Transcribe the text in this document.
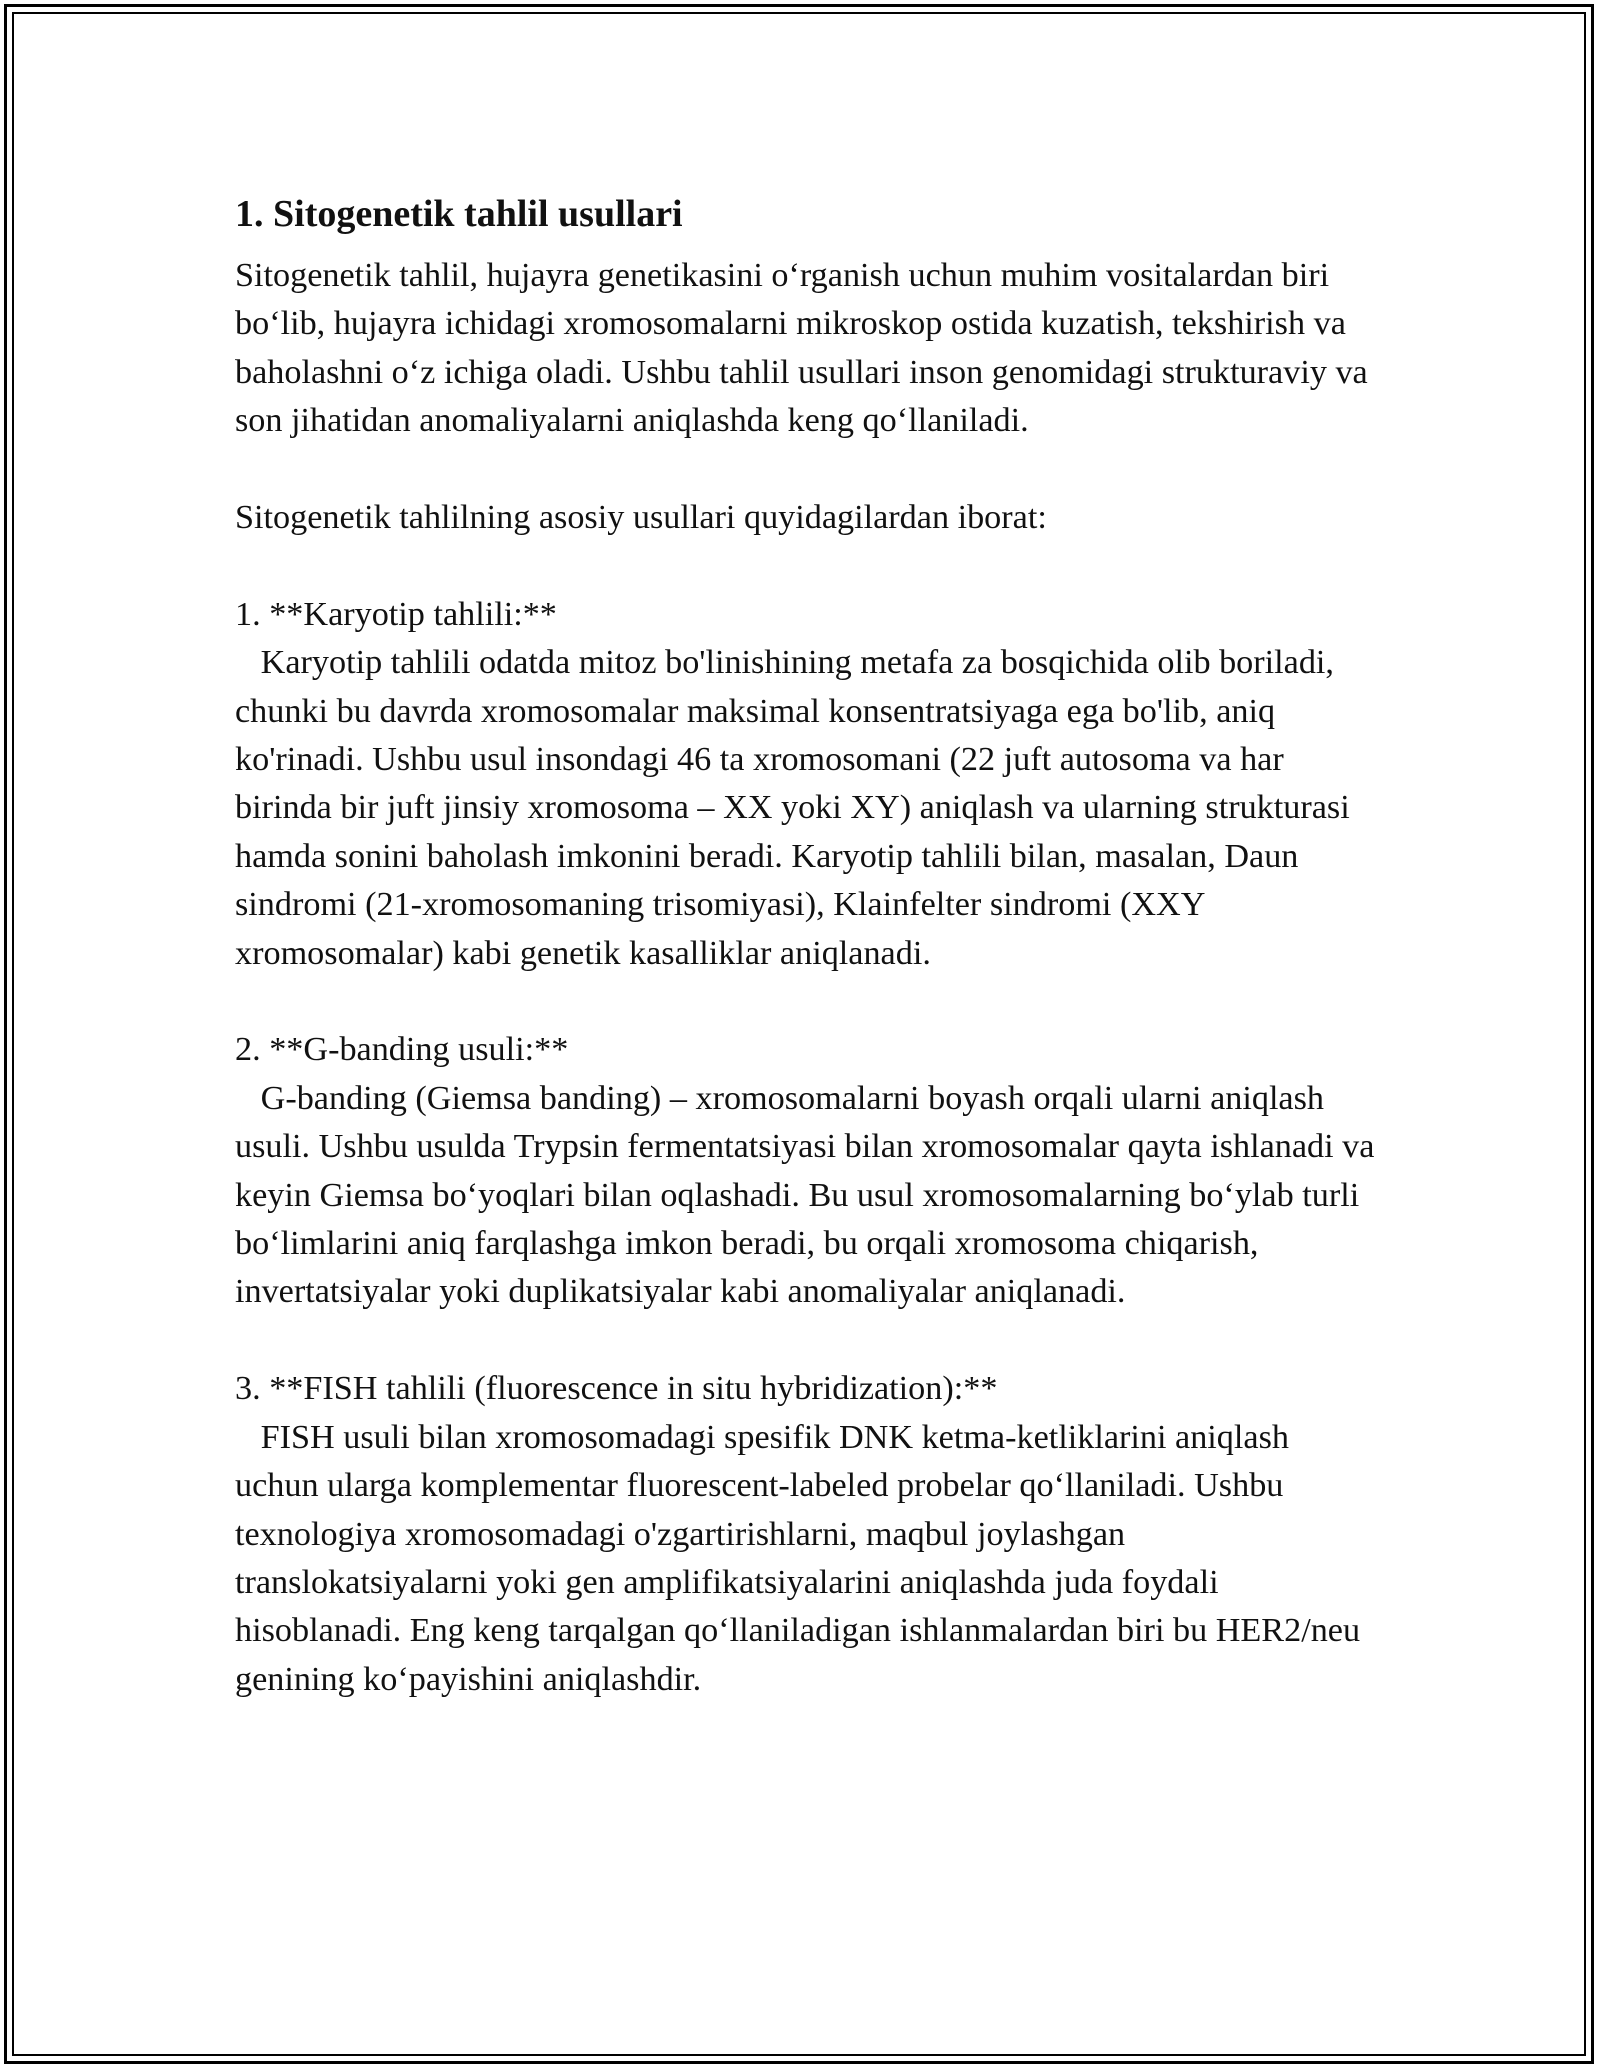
1. Sitogenetik tahlil usullari

Sitogenetik tahlil, hujayra genetikasini o‘rganish uchun muhim vositalardan biri bo‘lib, hujayra ichidagi xromosomalarni mikroskop ostida kuzatish, tekshirish va baholashni o‘z ichiga oladi. Ushbu tahlil usullari inson genomidagi strukturaviy va son jihatidan anomaliyalarni aniqlashda keng qo‘llaniladi.

Sitogenetik tahlilning asosiy usullari quyidagilardan iborat:

1. **Karyotip tahlili:**

Karyotip tahlili odatda mitoz bo'linishining metafa za bosqichida olib boriladi, chunki bu davrda xromosomalar maksimal konsentratsiyaga ega bo'lib, aniq ko'rinadi. Ushbu usul insondagi 46 ta xromosomani (22 juft autosoma va har birinda bir juft jinsiy xromosoma – XX yoki XY) aniqlash va ularning strukturasi hamda sonini baholash imkonini beradi. Karyotip tahlili bilan, masalan, Daun sindromi (21-xromosomaning trisomiyasi), Klainfelter sindromi (XXY xromosomalar) kabi genetik kasalliklar aniqlanadi.

2. **G-banding usuli:**

G-banding (Giemsa banding) – xromosomalarni boyash orqali ularni aniqlash usuli. Ushbu usulda Trypsin fermentatsiyasi bilan xromosomalar qayta ishlanadi va keyin Giemsa bo‘yoqlari bilan oqlashadi. Bu usul xromosomalarning bo‘ylab turli bo‘limlarini aniq farqlashga imkon beradi, bu orqali xromosoma chiqarish, invertatsiyalar yoki duplikatsiyalar kabi anomaliyalar aniqlanadi.

3. **FISH tahlili (fluorescence in situ hybridization):**

FISH usuli bilan xromosomadagi spesifik DNK ketma-ketliklarini aniqlash uchun ularga komplementar fluorescent-labeled probelar qo‘llaniladi. Ushbu texnologiya xromosomadagi o'zgartirishlarni, maqbul joylashgan translokatsiyalarni yoki gen amplifikatsiyalarini aniqlashda juda foydali hisoblanadi. Eng keng tarqalgan qo‘llaniladigan ishlanmalardan biri bu HER2/neu genining ko‘payishini aniqlashdir.
